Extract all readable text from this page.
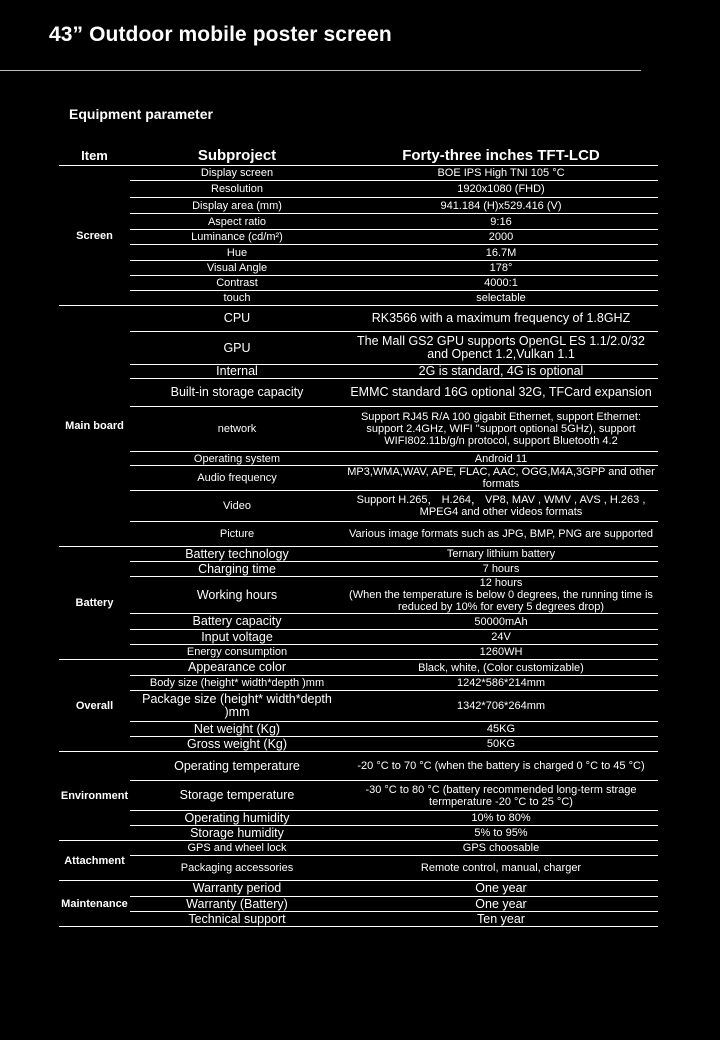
43” Outdoor mobile poster screen
Equipment parameter
Item	Subproject	Forty-three inches TFT-LCD
Screen	Display screen	BOE IPS High TNI 105 °C
	Resolution	1920x1080 (FHD)
	Display area (mm)	941.184 (H)x529.416 (V)
	Aspect ratio	9:16
	Luminance (cd/m²)	2000
	Hue	16.7M
	Visual Angle	178°
	Contrast	4000:1
	touch	selectable
Main board	CPU	RK3566 with a maximum frequency of 1.8GHZ
	GPU	The Mall GS2 GPU supports OpenGL ES 1.1/2.0/32 and Openct 1.2,Vulkan 1.1
	Internal	2G is standard, 4G is optional
	Built-in storage capacity	EMMC standard 16G optional 32G, TFCard expansion
	network	Support RJ45 R/A 100 gigabit Ethernet, support Ethernet: support 2.4GHz, WIFI "support optional 5GHz), support WIFI802.11b/g/n protocol, support Bluetooth 4.2
	Operating system	Android 11
	Audio frequency	MP3,WMA,WAV, APE, FLAC, AAC, OGG,M4A,3GPP and other formats
	Video	Support H.265， H.264， VP8, MAV , WMV , AVS , H.263 , MPEG4 and other videos formats
	Picture	Various image formats such as JPG, BMP, PNG are supported
Battery	Battery technology	Ternary lithium battery
	Charging time	7 hours
	Working hours	12 hours
(When the temperature is below 0 degrees, the running time is reduced by 10% for every 5 degrees drop)
	Battery capacity	50000mAh
	Input voltage	24V
	Energy consumption	1260WH
Overall	Appearance color	Black, white, (Color customizable)
	Body size (height* width*depth )mm	1242*586*214mm
	Package size (height* width*depth )mm	1342*706*264mm
	Net weight (Kg)	45KG
	Gross weight (Kg)	50KG
Environment	Operating temperature	-20 °C to 70 °C (when the battery is charged 0 °C to 45 °C)
	Storage temperature	-30 °C to 80 °C (battery recommended long-term strage termperature -20 °C to 25 °C)
	Operating humidity	10% to 80%
	Storage humidity	5% to 95%
Attachment	GPS and wheel lock	GPS choosable
	Packaging accessories	Remote control, manual, charger
Maintenance	Warranty period	One year
	Warranty (Battery)	One year
	Technical support	Ten year
